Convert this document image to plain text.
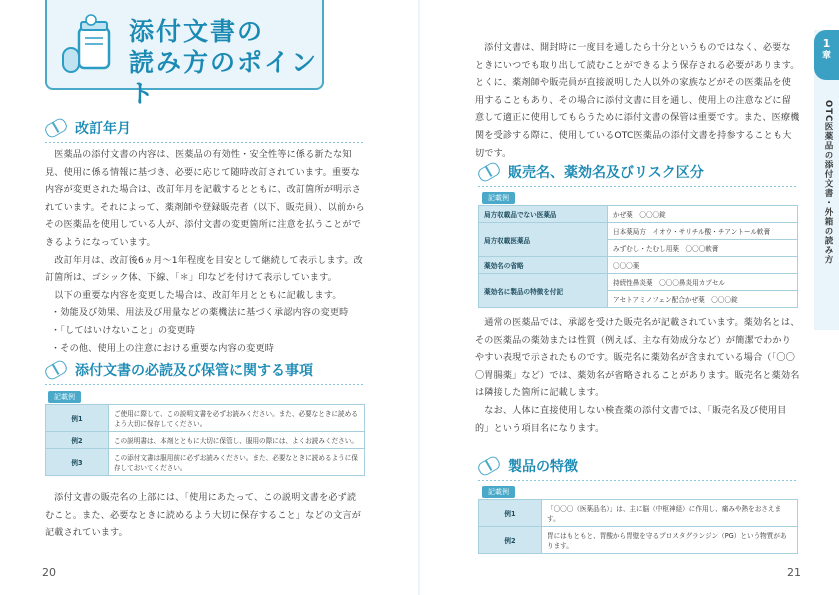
添付文書の
読み方のポイント
改訂年月

　医薬品の添付文書の内容は、医薬品の有効性・安全性等に係る新たな知見、使用に係る情報に基づき、必要に応じて随時改訂されています。重要な内容が変更された場合は、改訂年月を記載するとともに、改訂箇所が明示されています。それによって、薬剤師や登録販売者（以下、販売員）、以前からその医薬品を使用している人が、添付文書の変更箇所に注意を払うことができるようになっています。

　改訂年月は、改訂後6ヵ月〜1年程度を目安として継続して表示します。改訂箇所は、ゴシック体、下線、「＊」印などを付けて表示しています。

　以下の重要な内容を変更した場合は、改訂年月とともに記載します。

・効能及び効果、用法及び用量などの薬機法に基づく承認内容の変更時

・「してはいけないこと」の変更時

・その他、使用上の注意における重要な内容の変更時

添付文書の必読及び保管に関する事項
記載例
例1	ご使用に際して、この説明文書を必ずお読みください。また、必要なときに読めるよう大切に保存してください。
例2	この説明書は、本剤とともに大切に保管し、服用の際には、よくお読みください。
例3	この添付文書は服用前に必ずお読みください。また、必要なときに読めるように保存しておいてください。

　添付文書の販売名の上部には、「使用にあたって、この説明文書を必ず読むこと。また、必要なときに読めるよう大切に保存すること」などの文言が記載されています。

20

　添付文書は、開封時に一度目を通したら十分というものではなく、必要なときにいつでも取り出して読むことができるよう保存される必要があります。とくに、薬剤師や販売員が直接説明した人以外の家族などがその医薬品を使用することもあり、その場合に添付文書に目を通し、使用上の注意などに留意して適正に使用してもらうために添付文書の保管は重要です。また、医療機関を受診する際に、使用しているOTC医薬品の添付文書を持参することも大切です。

販売名、薬効名及びリスク区分
記載例
局方収載品でない医薬品	かぜ薬　〇〇〇錠
局方収載医薬品	日本薬局方　イオウ・サリチル酸・チアントール軟膏
	みずむし・たむし用薬　〇〇〇軟膏
薬効名の省略	〇〇〇薬
薬効名に製品の特徴を付記	持続性鼻炎薬　〇〇〇鼻炎用カプセル
	アセトアミノフェン配合かぜ薬　〇〇〇錠

　通常の医薬品では、承認を受けた販売名が記載されています。薬効名とは、その医薬品の薬効または性質（例えば、主な有効成分など）が簡潔でわかりやすい表現で示されたものです。販売名に薬効名が含まれている場合（「〇〇〇胃腸薬」など）では、薬効名が省略されることがあります。販売名と薬効名は隣接した箇所に記載します。

　なお、人体に直接使用しない検査薬の添付文書では、「販売名及び使用目的」という項目名になります。

製品の特徴
記載例
例1	「〇〇〇（医薬品名）」は、主に脳（中枢神経）に作用し、痛みや熱をおさえます。
例2	胃にはもともと、胃酸から胃壁を守るプロスタグランジン（PG）という物質があります。
21
1
章
OTC医薬品の添付文書・外箱の読み方
